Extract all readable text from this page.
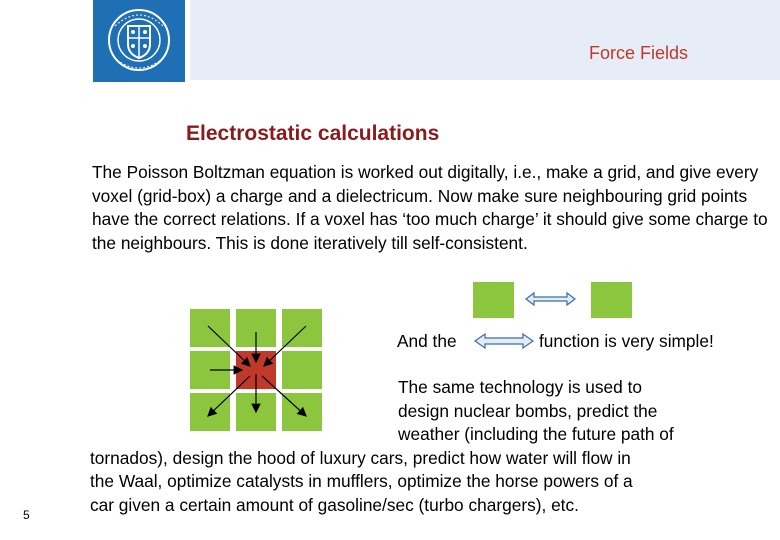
Force Fields
Electrostatic calculations
The Poisson Boltzman equation is worked out digitally, i.e., make a grid, and give every voxel (grid-box) a charge and a dielectricum. Now make sure neighbouring grid points have the correct relations. If a voxel has ‘too much charge’ it should give some charge to the neighbours. This is done iteratively till self-consistent.
And the	function is very simple!
The same technology is used to
design nuclear bombs, predict the
weather (including the future path of
tornados), design the hood of luxury cars, predict how water will flow in
the Waal, optimize catalysts in mufflers, optimize the horse powers of a
car given a certain amount of gasoline/sec (turbo chargers), etc.
5
